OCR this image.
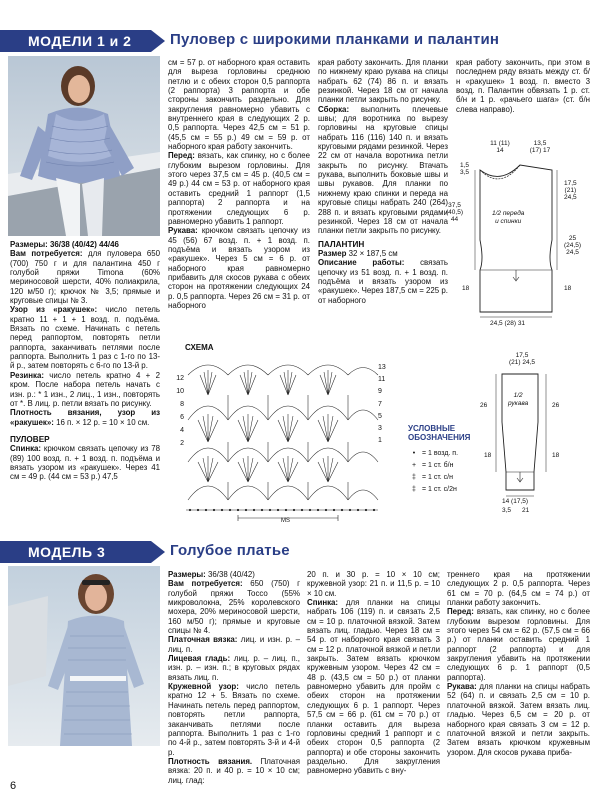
МОДЕЛИ 1 и 2	Пуловер с широкими планками и палантин

Размеры: 36/38 (40/42) 44/46

Вам потребуется: для пуловера 650 (700) 750 г и для палантина 450 г голубой пряжи Timona (60% мериносовой шерсти, 40% полиакрила, 120 м/50 г); крючок № 3,5; прямые и круговые спицы № 3.

Узор из «ракушек»: число петель кратно 11 + 1 + 1 возд. п. подъёма. Вязать по схеме. Начинать с петель перед раппортом, повторять петли раппорта, заканчивать петлями после раппорта. Выполнить 1 раз с 1-го по 13-й р., затем повторять с 6-го по 13-й р.

Резинка: число петель кратно 4 + 2 кром. После набора петель начать с изн. р.: * 1 изн., 2 лиц., 1 изн., повторять от *. В лиц. р. петли вязать по рисунку.

Плотность вязания, узор из «ракушек»: 16 п. × 12 р. = 10 × 10 см.

ПУЛОВЕР

Спинка: крючком связать цепочку из 78 (89) 100 возд. п. + 1 возд. п. подъёма и вязать узором из «ракушек». Через 41 см = 49 р. (44 см = 53 р.) 47,5

см = 57 р. от наборного края оставить для выреза горловины среднюю петлю и с обеих сторон 0,5 раппорта (2 раппорта) 3 раппорта и обе стороны закончить раздельно. Для закругления равномерно убавить с внутреннего края в следующих 2 р. 0,5 раппорта. Через 42,5 см = 51 р. (45,5 см = 55 р.) 49 см = 59 р. от наборного края работу закончить.

Перед: вязать, как спинку, но с более глубоким вырезом горловины. Для этого через 37,5 см = 45 р. (40,5 см = 49 р.) 44 см = 53 р. от наборного края оставить средний 1 раппорт (1,5 раппорта) 2 раппорта и на протяжении следующих 6 р. равномерно убавить 1 раппорт.

Рукава: крючком связать цепочку из 45 (56) 67 возд. п. + 1 возд. п. подъёма и вязать узором из «ракушек». Через 5 см = 6 р. от наборного края равномерно прибавить для скосов рукава с обеих сторон на протяжении следующих 24 р. 0,5 раппорта. Через 26 см = 31 р. от наборного

края работу закончить. Для планки по нижнему краю рукава на спицы набрать 62 (74) 86 п. и вязать резинкой. Через 18 см от начала планки петли закрыть по рисунку.

Сборка: выполнить плечевые швы; для воротника по вырезу горловины на круговые спицы набрать 116 (116) 140 п. и вязать круговыми рядами резинкой. Через 22 см от начала воротника петли закрыть по рисунку. Втачать рукава, выполнить боковые швы и швы рукавов. Для планки по нижнему краю спинки и переда на круговые спицы набрать 240 (264) 288 п. и вязать круговыми рядами резинкой. Через 18 см от начала планки петли закрыть по рисунку.

ПАЛАНТИН

Размер 32 × 187,5 см

Описание работы: связать цепочку из 51 возд. п. + 1 возд. п. подъёма и вязать узором из «ракушек». Через 187,5 см = 225 р. от наборного

края работу закончить, при этом в последнем ряду вязать между ст. б/н «ракушек» 1 возд. п. вместо 3 возд. п. Палантин обвязать 1 р. ст. б/н и 1 р. «рачьего шага» (ст. б/н слева направо).

11 (11)
14
13,5
(17) 17
1,5
3,5
37,5
(40,5)
44
17,5
(21)
24,5
25
(24,5)
24,5
1/2 переда
и спинки
18	18
24,5 (28) 31
СХЕМА
13
11
9
7
5
3
1
12
10
8
6
4
2
МS
УСЛОВНЫЕ ОБОЗНАЧЕНИЯ
• = 1 возд. п.
+ = 1 ст. б/н
‡ = 1 ст. с/н
‡ = 1 ст. с/2н
17,5
(21) 24,5
26	26
1/2
рукава
18	18
14 (17,5)
3,5 21
МОДЕЛЬ 3	Голубое платье

Размеры: 36/38 (40/42)

Вам потребуется: 650 (750) г голубой пряжи Tocco (55% микроволокна, 25% королевского мохера, 20% мериносовой шерсти, 160 м/50 г); прямые и круговые спицы № 4.

Платочная вязка: лиц. и изн. р. – лиц. п.

Лицевая гладь: лиц. р. – лиц. п., изн. р. – изн. п.; в круговых рядах вязать лиц. п.

Кружевной узор: число петель кратно 12 + 5. Вязать по схеме. Начинать петель перед раппортом, повторять петли раппорта, заканчивать петлями после раппорта. Выполнить 1 раз с 1-го по 4-й р., затем повторять 3-й и 4-й р.

Плотность вязания. Платочная вязка: 20 п. и 40 р. = 10 × 10 см; лиц. глад:

20 п. и 30 р. = 10 × 10 см; кружевной узор: 21 п. и 11,5 р. = 10 × 10 см.

Спинка: для планки на спицы набрать 106 (119) п. и связать 2,5 см = 10 р. платочной вязкой. Затем вязать лиц. гладью. Через 18 см = 54 р. от наборного края связать 3 см = 12 р. платочной вязкой и петли закрыть. Затем вязать крючком кружевным узором. Через 42 см = 48 р. (43,5 см = 50 р.) от планки равномерно убавить для пройм с обеих сторон на протяжении следующих 6 р. 1 раппорт. Через 57,5 см = 66 р. (61 см = 70 р.) от планки оставить для выреза горловины средний 1 раппорт и с обеих сторон 0,5 раппорта (2 раппорта) и обе стороны закончить раздельно. Для закругления равномерно убавить с вну-

треннего края на протяжении следующих 2 р. 0,5 раппорта. Через 61 см = 70 р. (64,5 см = 74 р.) от планки работу закончить.

Перед: вязать, как спинку, но с более глубоким вырезом горловины. Для этого через 54 см = 62 р. (57,5 см = 66 р.) от планки оставить средний 1 раппорт (2 раппорта) и для закругления убавить на протяжении следующих 6 р. 1 раппорт (0,5 раппорта).

Рукава: для планки на спицы набрать 52 (64) п. и связать 2,5 см = 10 р. платочной вязкой. Затем вязать лиц. гладью. Через 6,5 см = 20 р. от наборного края связать 3 см = 12 р. платочной вязкой и петли закрыть. Затем вязать крючком кружевным узором. Для скосов рукава приба-

6
